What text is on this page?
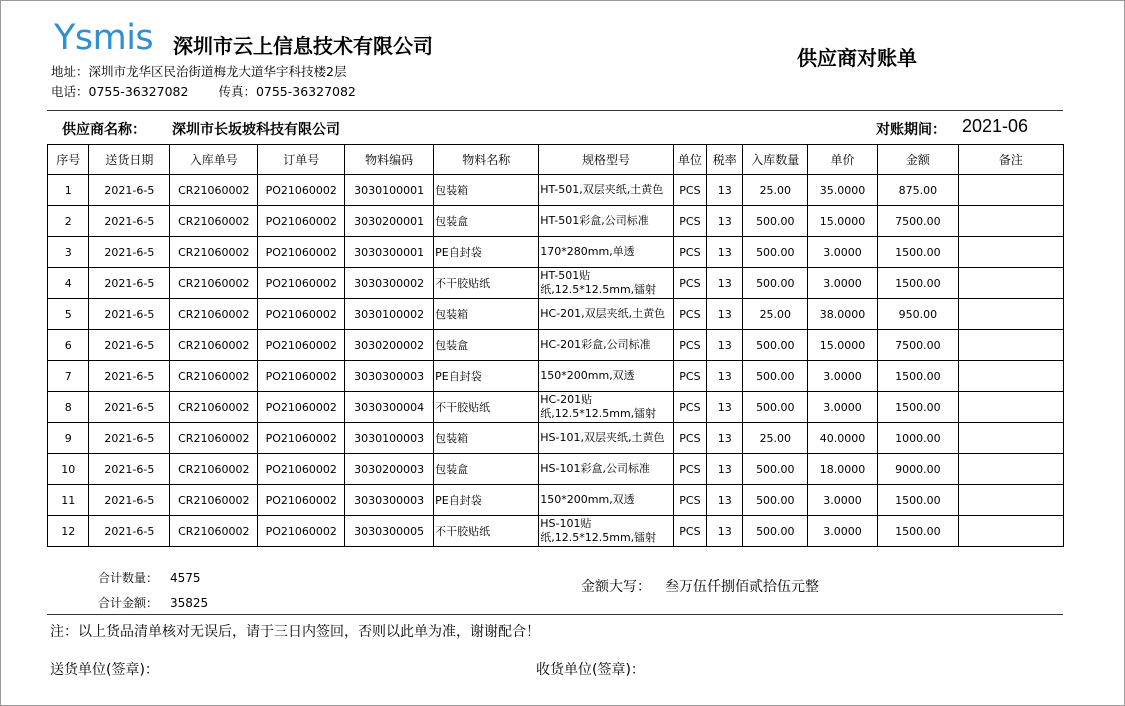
Ysmis 深圳市云上信息技术有限公司
地址：深圳市龙华区民治街道梅龙大道华宇科技楼2层
电话：0755-36327082 传真：0755-36327082
供应商对账单
供应商名称： 深圳市长坂坡科技有限公司	对账期间： 2021-06
序号	送货日期	入库单号	订单号	物料编码	物料名称	规格型号	单位	税率	入库数量	单价	金额	备注
1	2021-6-5	CR21060002	PO21060002	3030100001	包装箱	HT-501,双层夹纸,土黄色	PCS	13	25.00	35.0000	875.00	
2	2021-6-5	CR21060002	PO21060002	3030200001	包装盒	HT-501彩盒,公司标准	PCS	13	500.00	15.0000	7500.00	
3	2021-6-5	CR21060002	PO21060002	3030300001	PE自封袋	170*280mm,单透	PCS	13	500.00	3.0000	1500.00	
4	2021-6-5	CR21060002	PO21060002	3030300002	不干胶贴纸	HT-501贴纸,12.5*12.5mm,镭射	PCS	13	500.00	3.0000	1500.00	
5	2021-6-5	CR21060002	PO21060002	3030100002	包装箱	HC-201,双层夹纸,土黄色	PCS	13	25.00	38.0000	950.00	
6	2021-6-5	CR21060002	PO21060002	3030200002	包装盒	HC-201彩盒,公司标准	PCS	13	500.00	15.0000	7500.00	
7	2021-6-5	CR21060002	PO21060002	3030300003	PE自封袋	150*200mm,双透	PCS	13	500.00	3.0000	1500.00	
8	2021-6-5	CR21060002	PO21060002	3030300004	不干胶贴纸	HC-201贴纸,12.5*12.5mm,镭射	PCS	13	500.00	3.0000	1500.00	
9	2021-6-5	CR21060002	PO21060002	3030100003	包装箱	HS-101,双层夹纸,土黄色	PCS	13	25.00	40.0000	1000.00	
10	2021-6-5	CR21060002	PO21060002	3030200003	包装盒	HS-101彩盒,公司标准	PCS	13	500.00	18.0000	9000.00	
11	2021-6-5	CR21060002	PO21060002	3030300003	PE自封袋	150*200mm,双透	PCS	13	500.00	3.0000	1500.00	
12	2021-6-5	CR21060002	PO21060002	3030300005	不干胶贴纸	HS-101贴纸,12.5*12.5mm,镭射	PCS	13	500.00	3.0000	1500.00	
合计数量： 4575
合计金额： 35825
金额大写： 叁万伍仟捌佰贰拾伍元整
注：以上货品清单核对无误后，请于三日内签回，否则以此单为准，谢谢配合！
送货单位(签章)：	收货单位(签章)：
